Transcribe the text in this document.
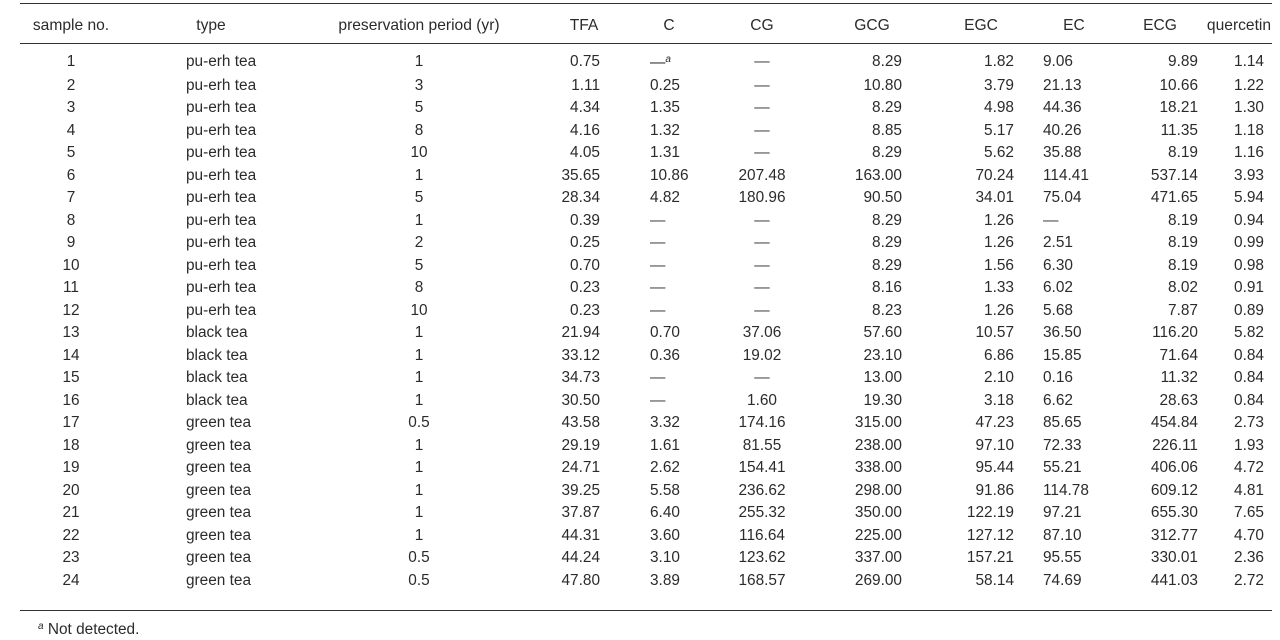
sample no.	type	preservation period (yr)	TFA	C	CG	GCG	EGC	EC	ECG	quercetin
1	pu-erh tea	1	0.75	—$^a$	—	8.29	1.82	9.06	9.89	1.14
2	pu-erh tea	3	1.11	0.25	—	10.80	3.79	21.13	10.66	1.22
3	pu-erh tea	5	4.34	1.35	—	8.29	4.98	44.36	18.21	1.30
4	pu-erh tea	8	4.16	1.32	—	8.85	5.17	40.26	11.35	1.18
5	pu-erh tea	10	4.05	1.31	—	8.29	5.62	35.88	8.19	1.16
6	pu-erh tea	1	35.65	10.86	207.48	163.00	70.24	114.41	537.14	3.93
7	pu-erh tea	5	28.34	4.82	180.96	90.50	34.01	75.04	471.65	5.94
8	pu-erh tea	1	0.39	—	—	8.29	1.26	—	8.19	0.94
9	pu-erh tea	2	0.25	—	—	8.29	1.26	2.51	8.19	0.99
10	pu-erh tea	5	0.70	—	—	8.29	1.56	6.30	8.19	0.98
11	pu-erh tea	8	0.23	—	—	8.16	1.33	6.02	8.02	0.91
12	pu-erh tea	10	0.23	—	—	8.23	1.26	5.68	7.87	0.89
13	black tea	1	21.94	0.70	37.06	57.60	10.57	36.50	116.20	5.82
14	black tea	1	33.12	0.36	19.02	23.10	6.86	15.85	71.64	0.84
15	black tea	1	34.73	—	—	13.00	2.10	0.16	11.32	0.84
16	black tea	1	30.50	—	1.60	19.30	3.18	6.62	28.63	0.84
17	green tea	0.5	43.58	3.32	174.16	315.00	47.23	85.65	454.84	2.73
18	green tea	1	29.19	1.61	81.55	238.00	97.10	72.33	226.11	1.93
19	green tea	1	24.71	2.62	154.41	338.00	95.44	55.21	406.06	4.72
20	green tea	1	39.25	5.58	236.62	298.00	91.86	114.78	609.12	4.81
21	green tea	1	37.87	6.40	255.32	350.00	122.19	97.21	655.30	7.65
22	green tea	1	44.31	3.60	116.64	225.00	127.12	87.10	312.77	4.70
23	green tea	0.5	44.24	3.10	123.62	337.00	157.21	95.55	330.01	2.36
24	green tea	0.5	47.80	3.89	168.57	269.00	58.14	74.69	441.03	2.72
$^a$ Not detected.
